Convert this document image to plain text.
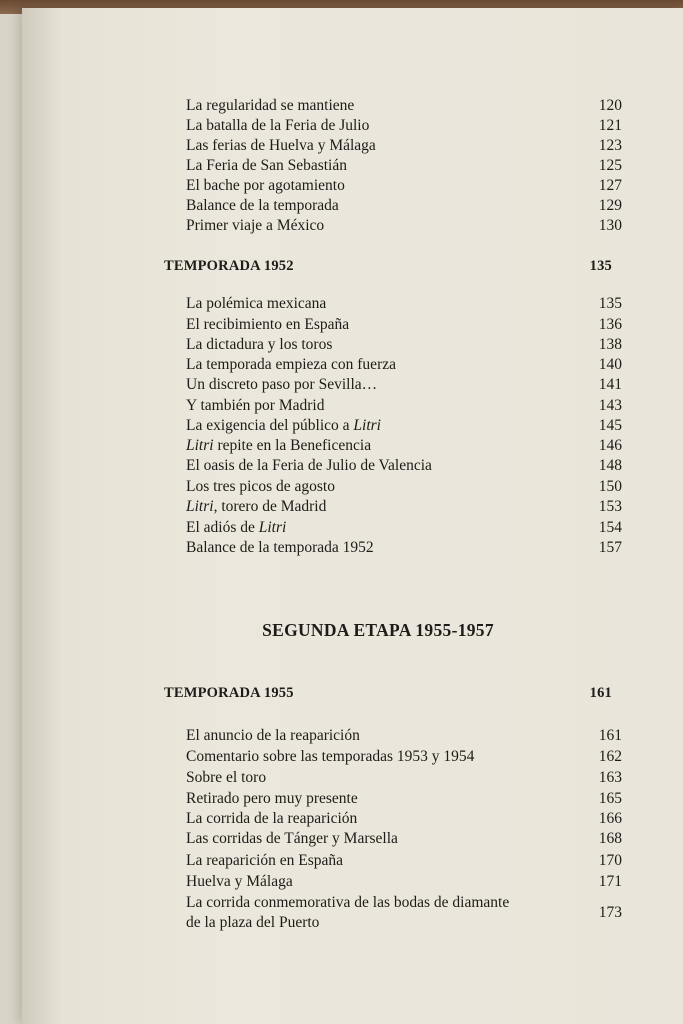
La regularidad se mantiene	120
La batalla de la Feria de Julio	121
Las ferias de Huelva y Málaga	123
La Feria de San Sebastián	125
El bache por agotamiento	127
Balance de la temporada	129
Primer viaje a México	130
TEMPORADA 1952	135
La polémica mexicana	135
El recibimiento en España	136
La dictadura y los toros	138
La temporada empieza con fuerza	140
Un discreto paso por Sevilla…	141
Y también por Madrid	143
La exigencia del público a Litri	145
Litri repite en la Beneficencia	146
El oasis de la Feria de Julio de Valencia	148
Los tres picos de agosto	150
Litri, torero de Madrid	153
El adiós de Litri	154
Balance de la temporada 1952	157
SEGUNDA ETAPA 1955-1957
TEMPORADA 1955	161
El anuncio de la reaparición	161
Comentario sobre las temporadas 1953 y 1954	162
Sobre el toro	163
Retirado pero muy presente	165
La corrida de la reaparición	166
Las corridas de Tánger y Marsella	168
La reaparición en España	170
Huelva y Málaga	171
La corrida conmemorativa de las bodas de diamante
de la plaza del Puerto
173
